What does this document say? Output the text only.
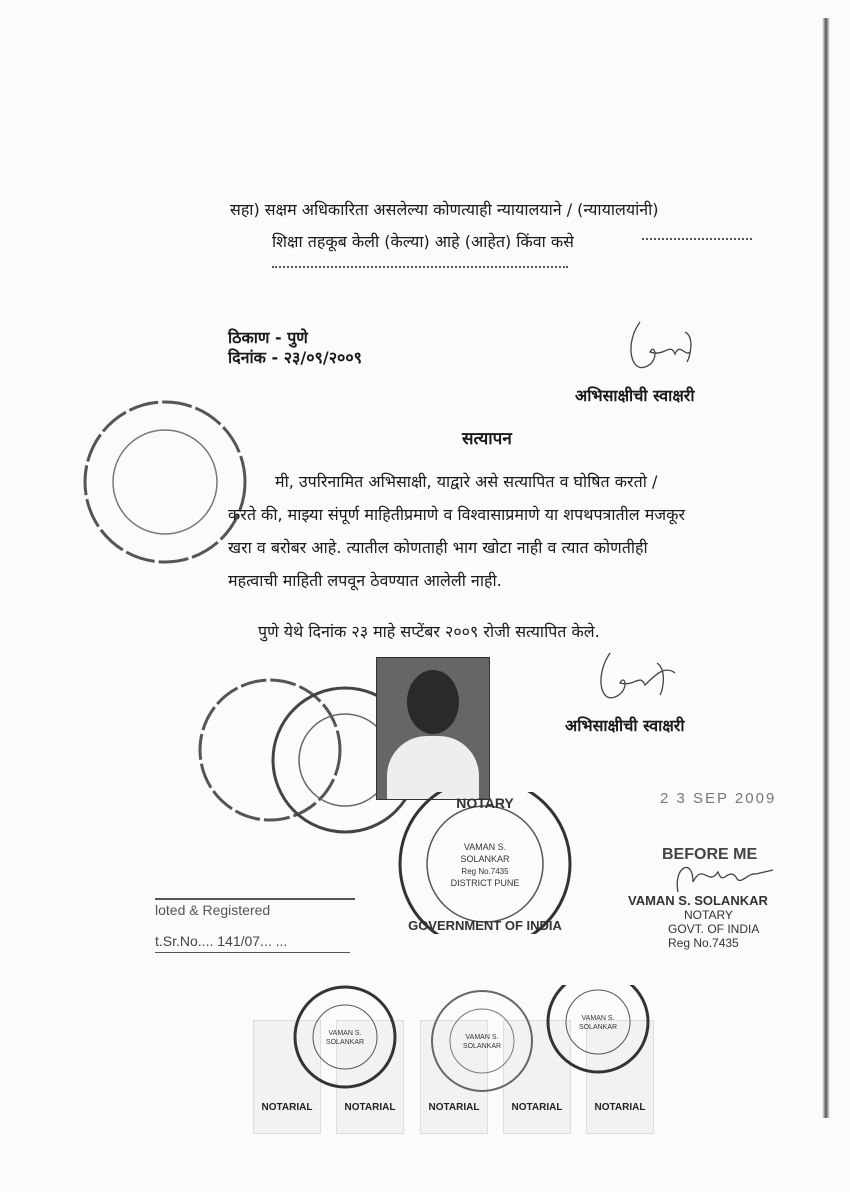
सहा) सक्षम अधिकारिता असलेल्या कोणत्याही न्यायालयाने / (न्यायालयांनी)
शिक्षा तहकूब केली (केल्या) आहे (आहेत) किंवा कसे
ठिकाण - पुणे
दिनांक - २३/०९/२००९
अभिसाक्षीची स्वाक्षरी
सत्यापन
मी, उपरिनामित अभिसाक्षी, याद्वारे असे सत्यापित व घोषित करतो /
करते की, माझ्या संपूर्ण माहितीप्रमाणे व विश्वासाप्रमाणे या शपथपत्रातील मजकूर
खरा व बरोबर आहे. त्यातील कोणताही भाग खोटा नाही व त्यात कोणतीही
महत्वाची माहिती लपवून ठेवण्यात आलेली नाही.
पुणे येथे दिनांक २३ माहे सप्टेंबर २००९ रोजी सत्यापित केले.
अभिसाक्षीची स्वाक्षरी
2 3 SEP 2009
NOTARY
VAMAN S.
SOLANKAR
Reg No.7435
DISTRICT PUNE
GOVERNMENT OF INDIA
BEFORE ME
VAMAN S. SOLANKAR
NOTARY
GOVT. OF INDIA
Reg No.7435
loted & Registered
t.Sr.No.... 141/07... ...
NOTARIAL	NOTARIAL	NOTARIAL	NOTARIAL	NOTARIAL
VAMAN S.
SOLANKAR
VAMAN S.
SOLANKAR
VAMAN S.
SOLANKAR
